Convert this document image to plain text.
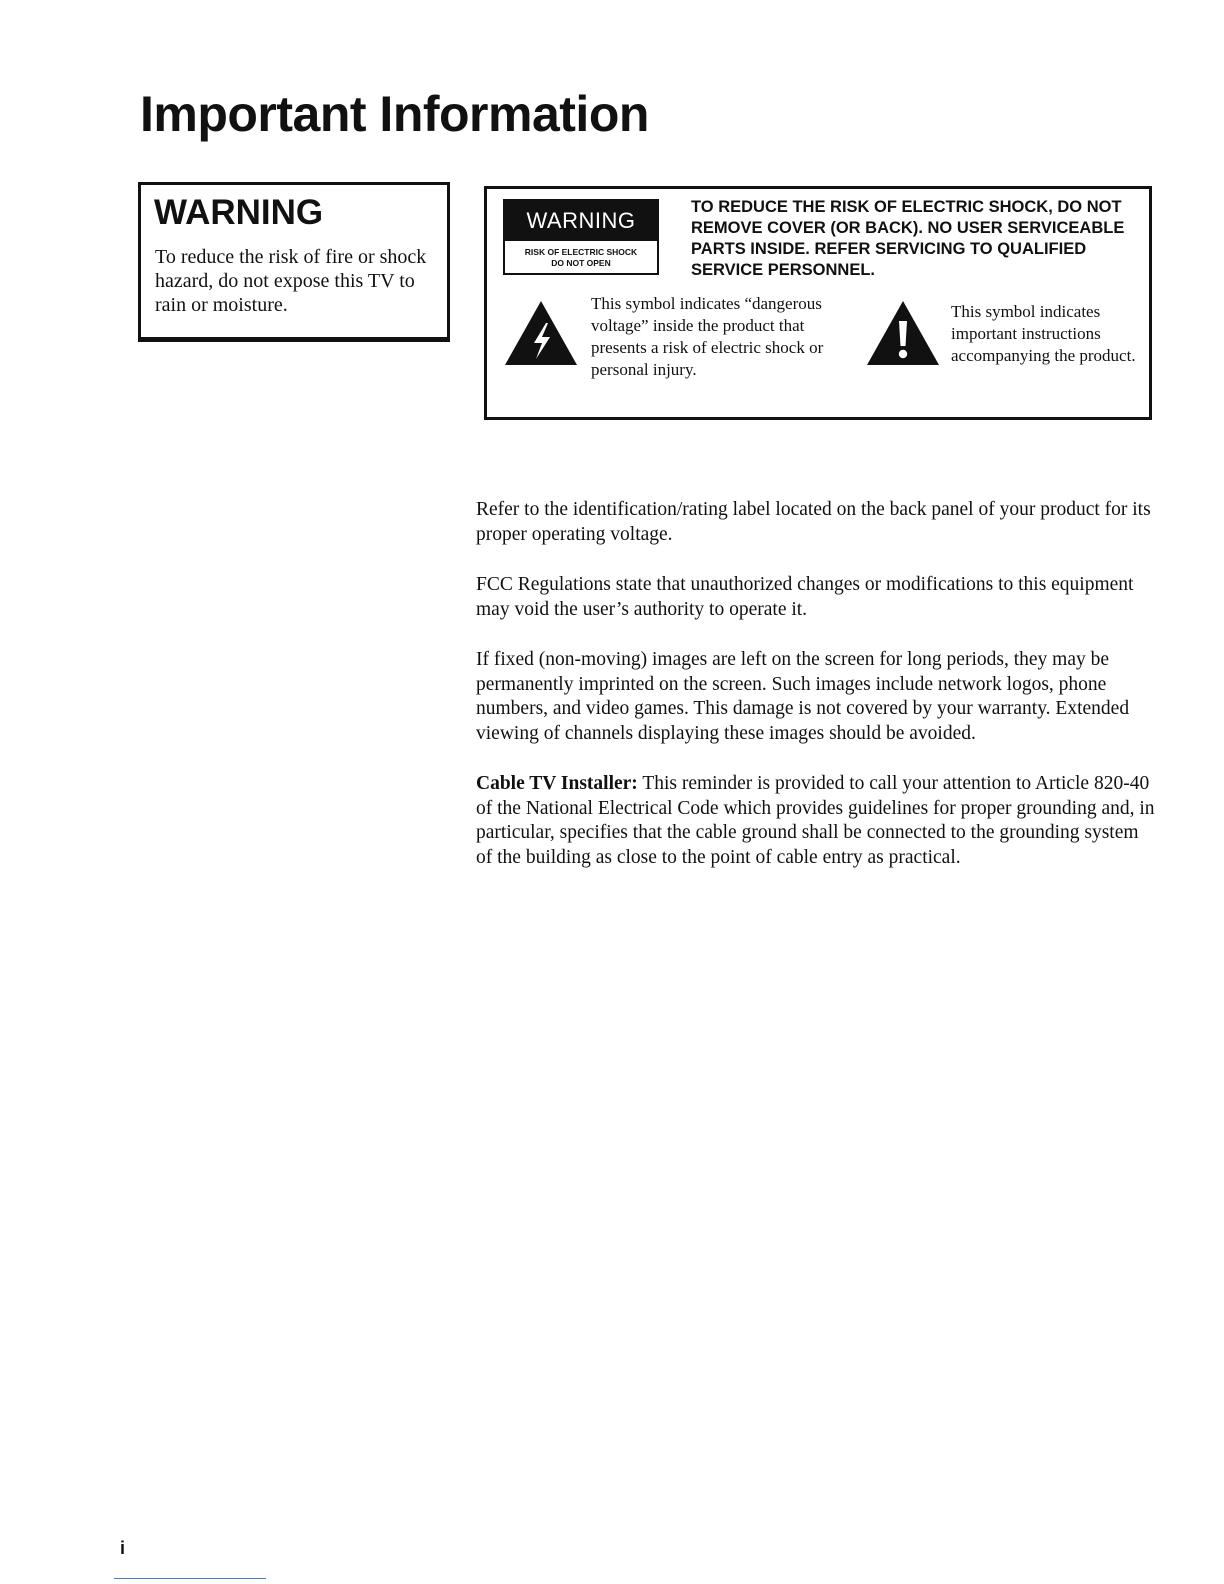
Important Information
WARNING

To reduce the risk of fire or shock hazard, do not expose this TV to rain or moisture.

WARNING
RISK OF ELECTRIC SHOCK
DO NOT OPEN

TO REDUCE THE RISK OF ELECTRIC SHOCK, DO NOT REMOVE COVER (OR BACK). NO USER SERVICEABLE PARTS INSIDE. REFER SERVICING TO QUALIFIED SERVICE PERSONNEL.

This symbol indicates “dangerous voltage” inside the product that presents a risk of electric shock or personal injury.

This symbol indicates important instructions accompanying the product.

Refer to the identification/rating label located on the back panel of your product for its proper operating voltage.

FCC Regulations state that unauthorized changes or modifications to this equipment may void the user’s authority to operate it.

If fixed (non-moving) images are left on the screen for long periods, they may be permanently imprinted on the screen. Such images include network logos, phone numbers, and video games. This damage is not covered by your warranty. Extended viewing of channels displaying these images should be avoided.

Cable TV Installer: This reminder is provided to call your attention to Article 820-40 of the National Electrical Code which provides guidelines for proper grounding and, in particular, specifies that the cable ground shall be connected to the grounding system of the building as close to the point of cable entry as practical.

i
